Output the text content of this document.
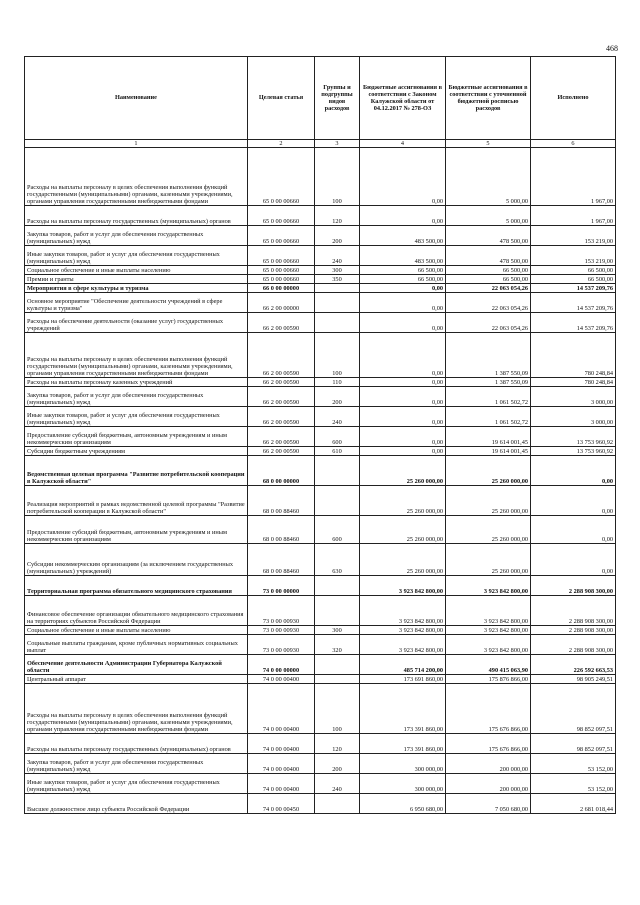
468
Наименование	Целевая статья	Группы и подгруппы видов расходов	Бюджетные ассигнования в соответствии с Законом Калужской области от 04.12.2017 № 278-ОЗ	Бюджетные ассигнования в соответствии с уточненной бюджетной росписью расходов	Исполнено
1	2	3	4	5	6
Расходы на выплаты персоналу в целях обеспечения выполнения функций государственными (муниципальными) органами, казенными учреждениями, органами управления государственными внебюджетными фондами	65 0 00 00660	100	0,00	5 000,00	1 967,00
Расходы на выплаты персоналу государственных (муниципальных) органов	65 0 00 00660	120	0,00	5 000,00	1 967,00
Закупка товаров, работ и услуг для обеспечения государственных (муниципальных) нужд	65 0 00 00660	200	483 500,00	478 500,00	153 219,00
Иные закупки товаров, работ и услуг для обеспечения государственных (муниципальных) нужд	65 0 00 00660	240	483 500,00	478 500,00	153 219,00
Социальное обеспечение и иные выплаты населению	65 0 00 00660	300	66 500,00	66 500,00	66 500,00
Премии и гранты	65 0 00 00660	350	66 500,00	66 500,00	66 500,00
Мероприятия в сфере культуры и туризма	66 0 00 00000		0,00	22 063 054,26	14 537 209,76
Основное мероприятие "Обеспечение деятельности учреждений в сфере культуры и туризма"	66 2 00 00000		0,00	22 063 054,26	14 537 209,76
Расходы на обеспечение деятельности (оказание услуг) государственных учреждений	66 2 00 00590		0,00	22 063 054,26	14 537 209,76
Расходы на выплаты персоналу в целях обеспечения выполнения функций государственными (муниципальными) органами, казенными учреждениями, органами управления государственными внебюджетными фондами	66 2 00 00590	100	0,00	1 387 550,09	780 248,84
Расходы на выплаты персоналу казенных учреждений	66 2 00 00590	110	0,00	1 387 550,09	780 248,84
Закупка товаров, работ и услуг для обеспечения государственных (муниципальных) нужд	66 2 00 00590	200	0,00	1 061 502,72	3 000,00
Иные закупки товаров, работ и услуг для обеспечения государственных (муниципальных) нужд	66 2 00 00590	240	0,00	1 061 502,72	3 000,00
Предоставление субсидий бюджетным, автономным учреждениям и иным некоммерческим организациям	66 2 00 00590	600	0,00	19 614 001,45	13 753 960,92
Субсидии бюджетным учреждениям	66 2 00 00590	610	0,00	19 614 001,45	13 753 960,92
Ведомственная целевая программа "Развитие потребительской кооперации в Калужской области"	68 0 00 00000		25 260 000,00	25 260 000,00	0,00
Реализация мероприятий в рамках ведомственной целевой программы "Развитие потребительской кооперации в Калужской области"	68 0 00 88460		25 260 000,00	25 260 000,00	0,00
Предоставление субсидий бюджетным, автономным учреждениям и иным некоммерческим организациям	68 0 00 88460	600	25 260 000,00	25 260 000,00	0,00
Субсидии некоммерческим организациям (за исключением государственных (муниципальных) учреждений)	68 0 00 88460	630	25 260 000,00	25 260 000,00	0,00
Территориальная программа обязательного медицинского страхования	73 0 00 00000		3 923 842 800,00	3 923 842 800,00	2 288 908 300,00
Финансовое обеспечение организации обязательного медицинского страхования на территориях субъектов Российской Федерации	73 0 00 00930		3 923 842 800,00	3 923 842 800,00	2 288 908 300,00
Социальное обеспечение и иные выплаты населению	73 0 00 00930	300	3 923 842 800,00	3 923 842 800,00	2 288 908 300,00
Социальные выплаты гражданам, кроме публичных нормативных социальных выплат	73 0 00 00930	320	3 923 842 800,00	3 923 842 800,00	2 288 908 300,00
Обеспечение деятельности Администрации Губернатора Калужской области	74 0 00 00000		485 714 200,00	490 415 063,90	226 592 663,53
Центральный аппарат	74 0 00 00400		173 691 860,00	175 876 866,00	98 905 249,51
Расходы на выплаты персоналу в целях обеспечения выполнения функций государственными (муниципальными) органами, казенными учреждениями, органами управления государственными внебюджетными фондами	74 0 00 00400	100	173 391 860,00	175 676 866,00	98 852 097,51
Расходы на выплаты персоналу государственных (муниципальных) органов	74 0 00 00400	120	173 391 860,00	175 676 866,00	98 852 097,51
Закупка товаров, работ и услуг для обеспечения государственных (муниципальных) нужд	74 0 00 00400	200	300 000,00	200 000,00	53 152,00
Иные закупки товаров, работ и услуг для обеспечения государственных (муниципальных) нужд	74 0 00 00400	240	300 000,00	200 000,00	53 152,00
Высшее должностное лицо субъекта Российской Федерации	74 0 00 00450		6 950 680,00	7 050 680,00	2 681 018,44
